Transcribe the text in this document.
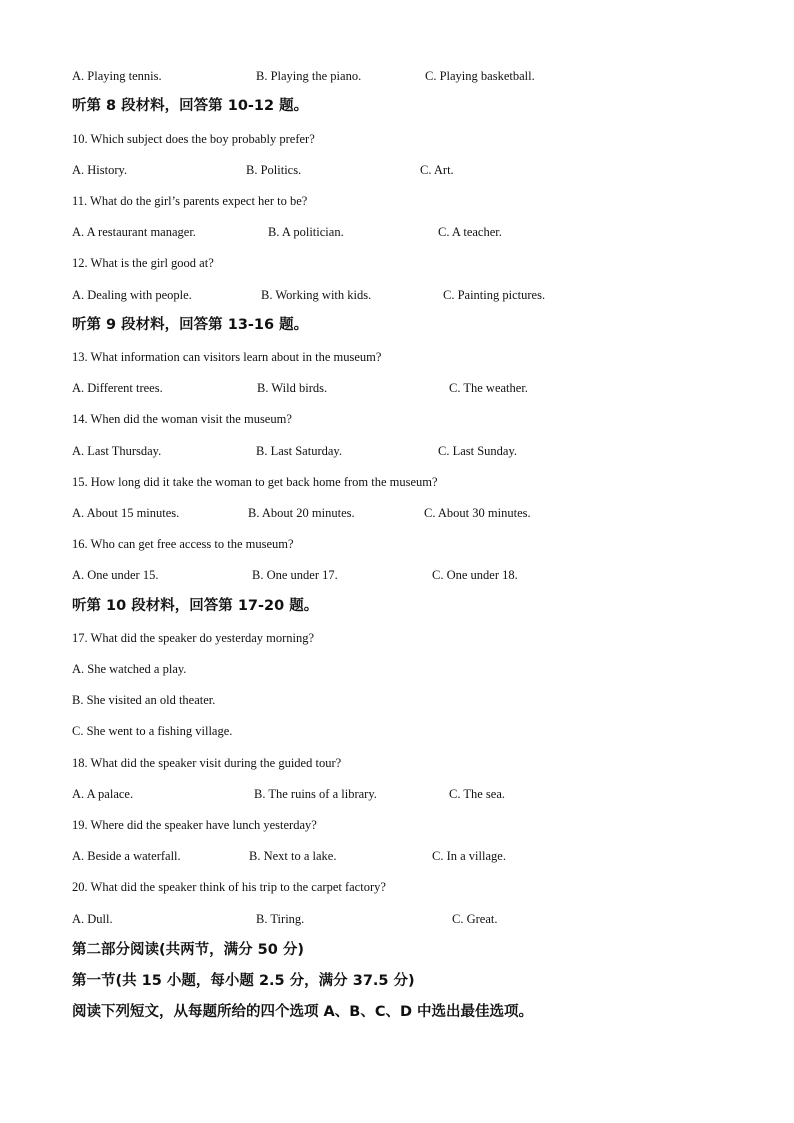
A. Playing tennis.	B. Playing the piano.	C. Playing basketball.
听第 8 段材料，回答第 10-12 题。
10. Which subject does the boy probably prefer?
A. History.	B. Politics.	C. Art.
11. What do the girl’s parents expect her to be?
A. A restaurant manager.	B. A politician.	C. A teacher.
12. What is the girl good at?
A. Dealing with people.	B. Working with kids.	C. Painting pictures.
听第 9 段材料，回答第 13-16 题。
13. What information can visitors learn about in the museum?
A. Different trees.	B. Wild birds.	C. The weather.
14. When did the woman visit the museum?
A. Last Thursday.	B. Last Saturday.	C. Last Sunday.
15. How long did it take the woman to get back home from the museum?
A. About 15 minutes.	B. About 20 minutes.	C. About 30 minutes.
16. Who can get free access to the museum?
A. One under 15.	B. One under 17.	C. One under 18.
听第 10 段材料，回答第 17-20 题。
17. What did the speaker do yesterday morning?
A. She watched a play.
B. She visited an old theater.
C. She went to a fishing village.
18. What did the speaker visit during the guided tour?
A. A palace.	B. The ruins of a library.	C. The sea.
19. Where did the speaker have lunch yesterday?
A. Beside a waterfall.	B. Next to a lake.	C. In a village.
20. What did the speaker think of his trip to the carpet factory?
A. Dull.	B. Tiring.	C. Great.
第二部分阅读(共两节，满分 50 分)
第一节(共 15 小题，每小题 2.5 分，满分 37.5 分)
阅读下列短文，从每题所给的四个选项 A、B、C、D 中选出最佳选项。
